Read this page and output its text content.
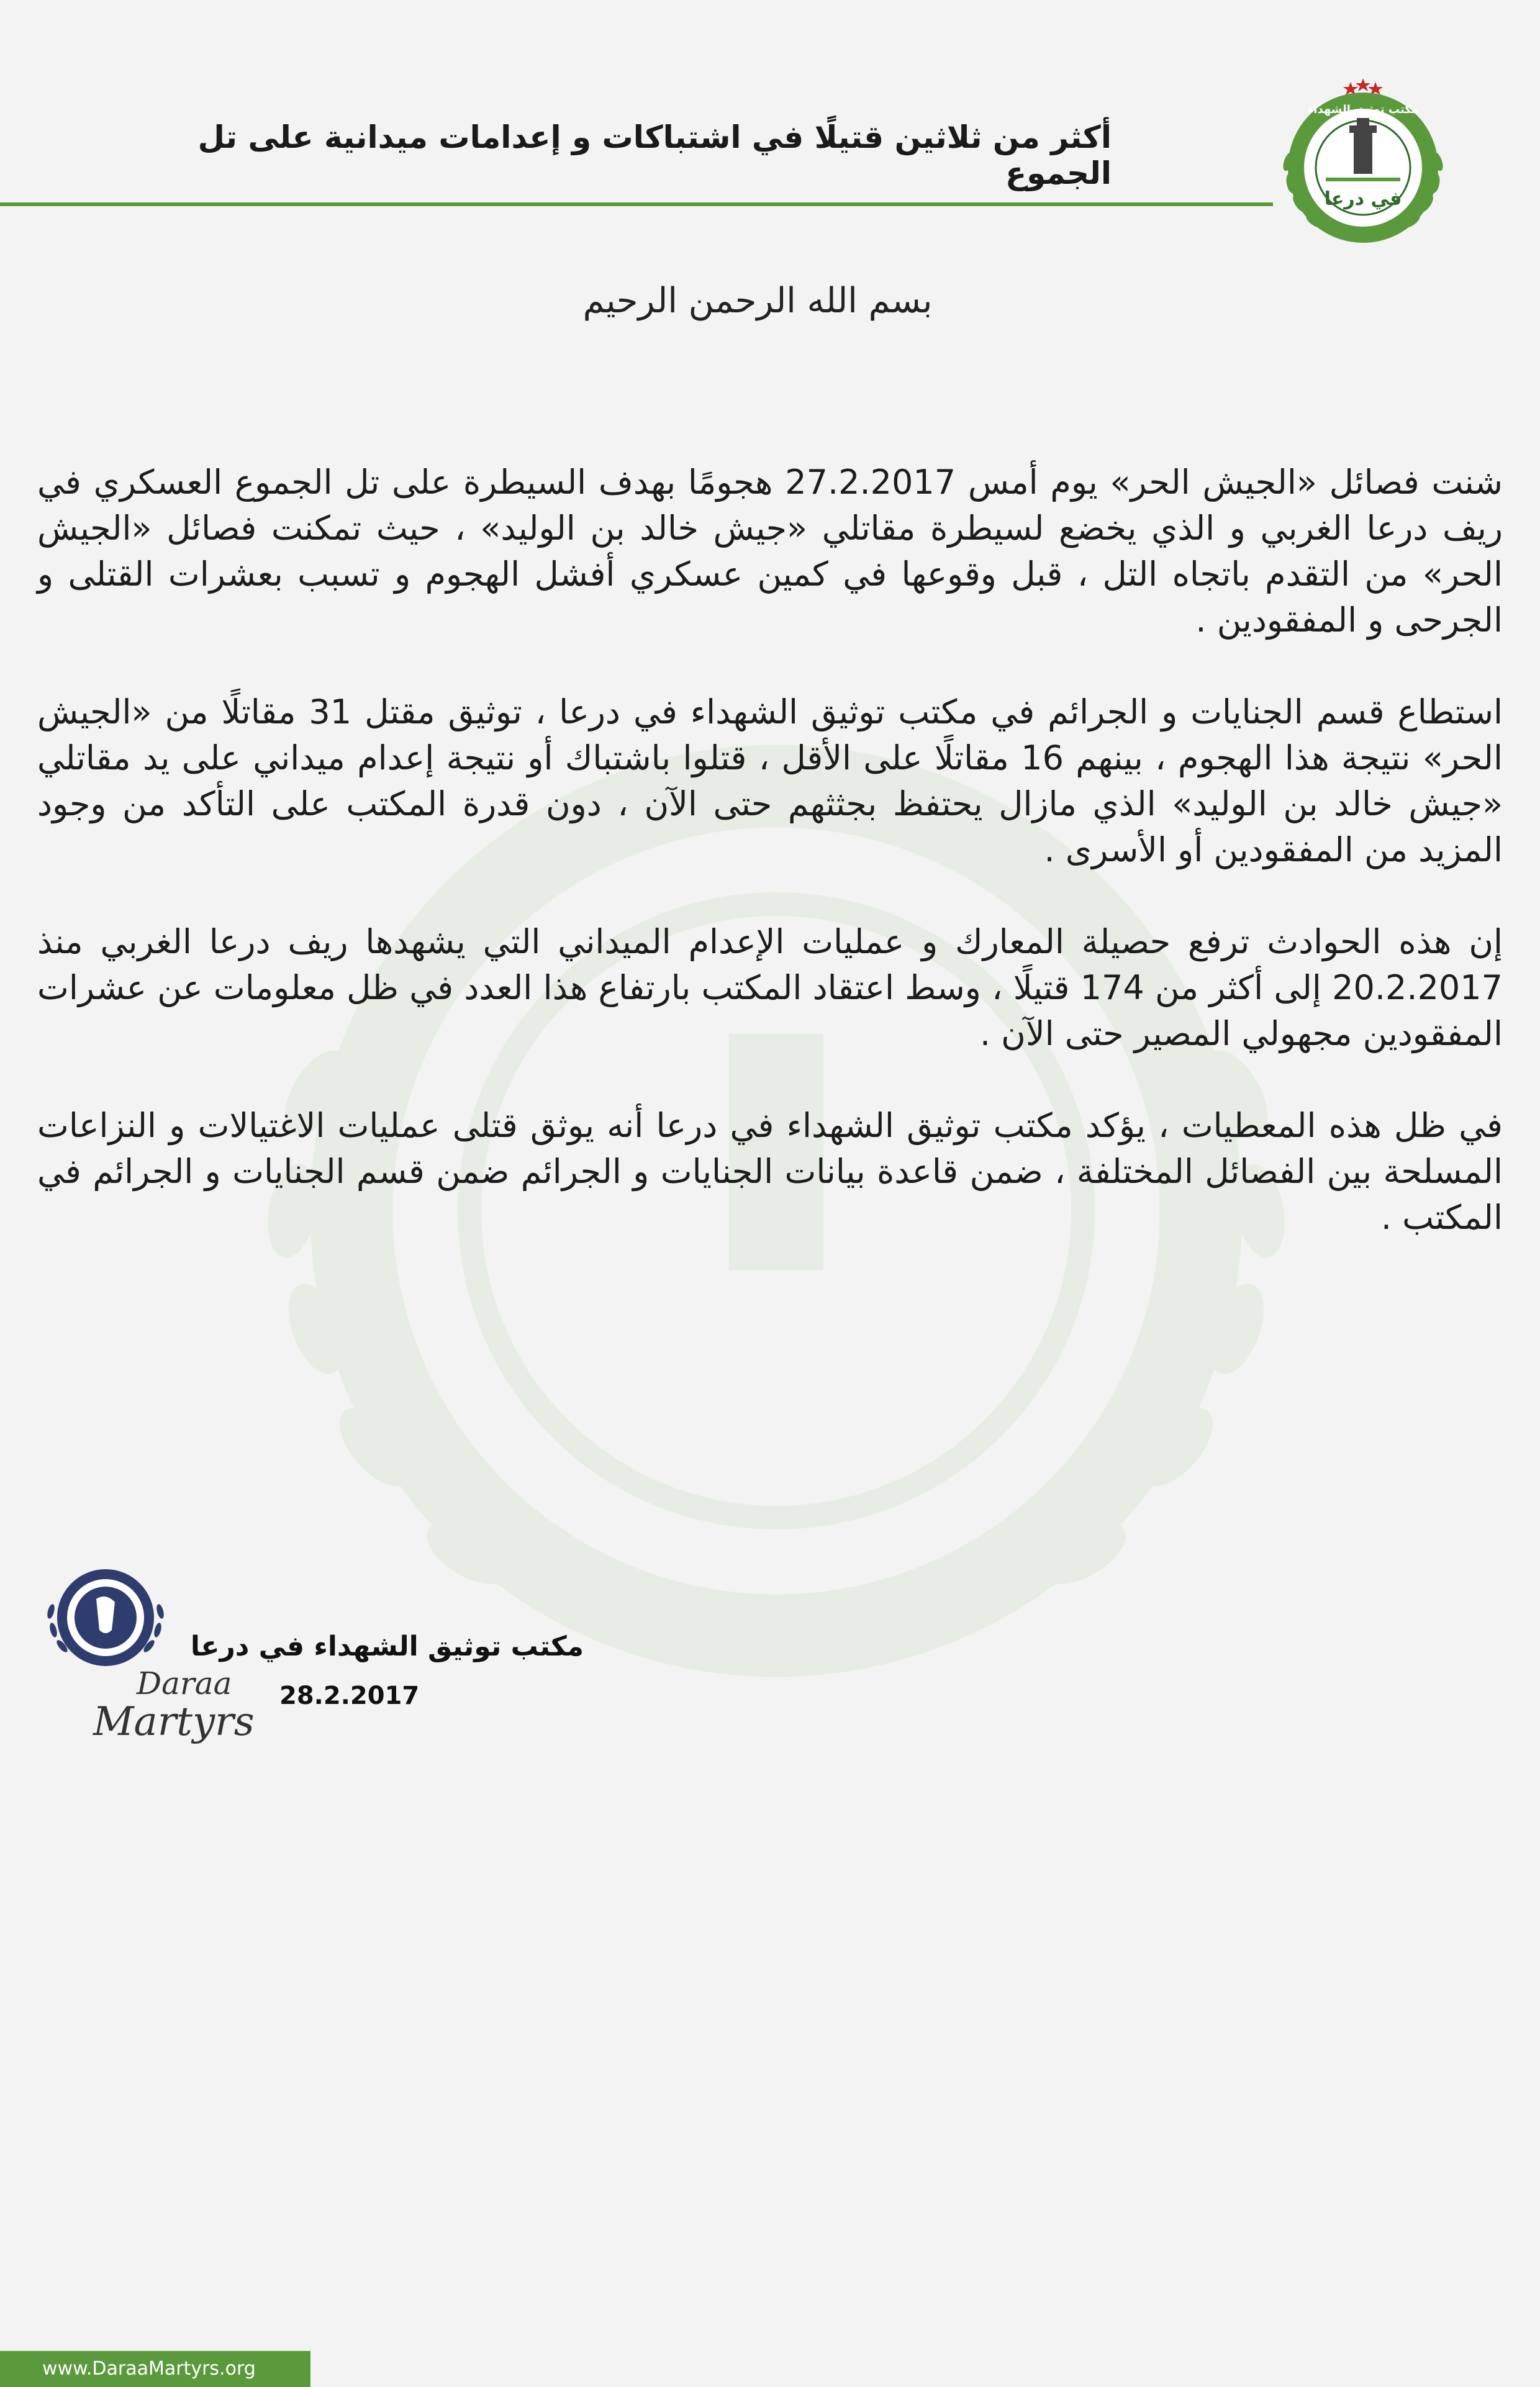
أكثر من ثلاثين قتيلًا في اشتباكات و إعدامات ميدانية على تل الجموع
في درعا
مكتب توثيق الشهداء
بسم الله الرحمن الرحيم

شنت فصائل «الجيش الحر» يوم أمس 27.2.2017 هجومًا بهدف السيطرة على تل الجموع العسكري في ريف درعا الغربي و الذي يخضع لسيطرة مقاتلي «جيش خالد بن الوليد» ، حيث تمكنت فصائل «الجيش الحر» من التقدم باتجاه التل ، قبل وقوعها في كمين عسكري أفشل الهجوم و تسبب بعشرات القتلى و الجرحى و المفقودين .

استطاع قسم الجنايات و الجرائم في مكتب توثيق الشهداء في درعا ، توثيق مقتل 31 مقاتلًا من «الجيش الحر» نتيجة هذا الهجوم ، بينهم 16 مقاتلًا على الأقل ، قتلوا باشتباك أو نتيجة إعدام ميداني على يد مقاتلي «جيش خالد بن الوليد» الذي مازال يحتفظ بجثثهم حتى الآن ، دون قدرة المكتب على التأكد من وجود المزيد من المفقودين أو الأسرى .

إن هذه الحوادث ترفع حصيلة المعارك و عمليات الإعدام الميداني التي يشهدها ريف درعا الغربي منذ 20.2.2017 إلى أكثر من 174 قتيلًا ، وسط اعتقاد المكتب بارتفاع هذا العدد في ظل معلومات عن عشرات المفقودين مجهولي المصير حتى الآن .

في ظل هذه المعطيات ، يؤكد مكتب توثيق الشهداء في درعا أنه يوثق قتلى عمليات الاغتيالات و النزاعات المسلحة بين الفصائل المختلفة ، ضمن قاعدة بيانات الجنايات و الجرائم ضمن قسم الجنايات و الجرائم في المكتب .

Daraa
Martyrs
مكتب توثيق الشهداء في درعا
28.2.2017
www.DaraaMartyrs.org
